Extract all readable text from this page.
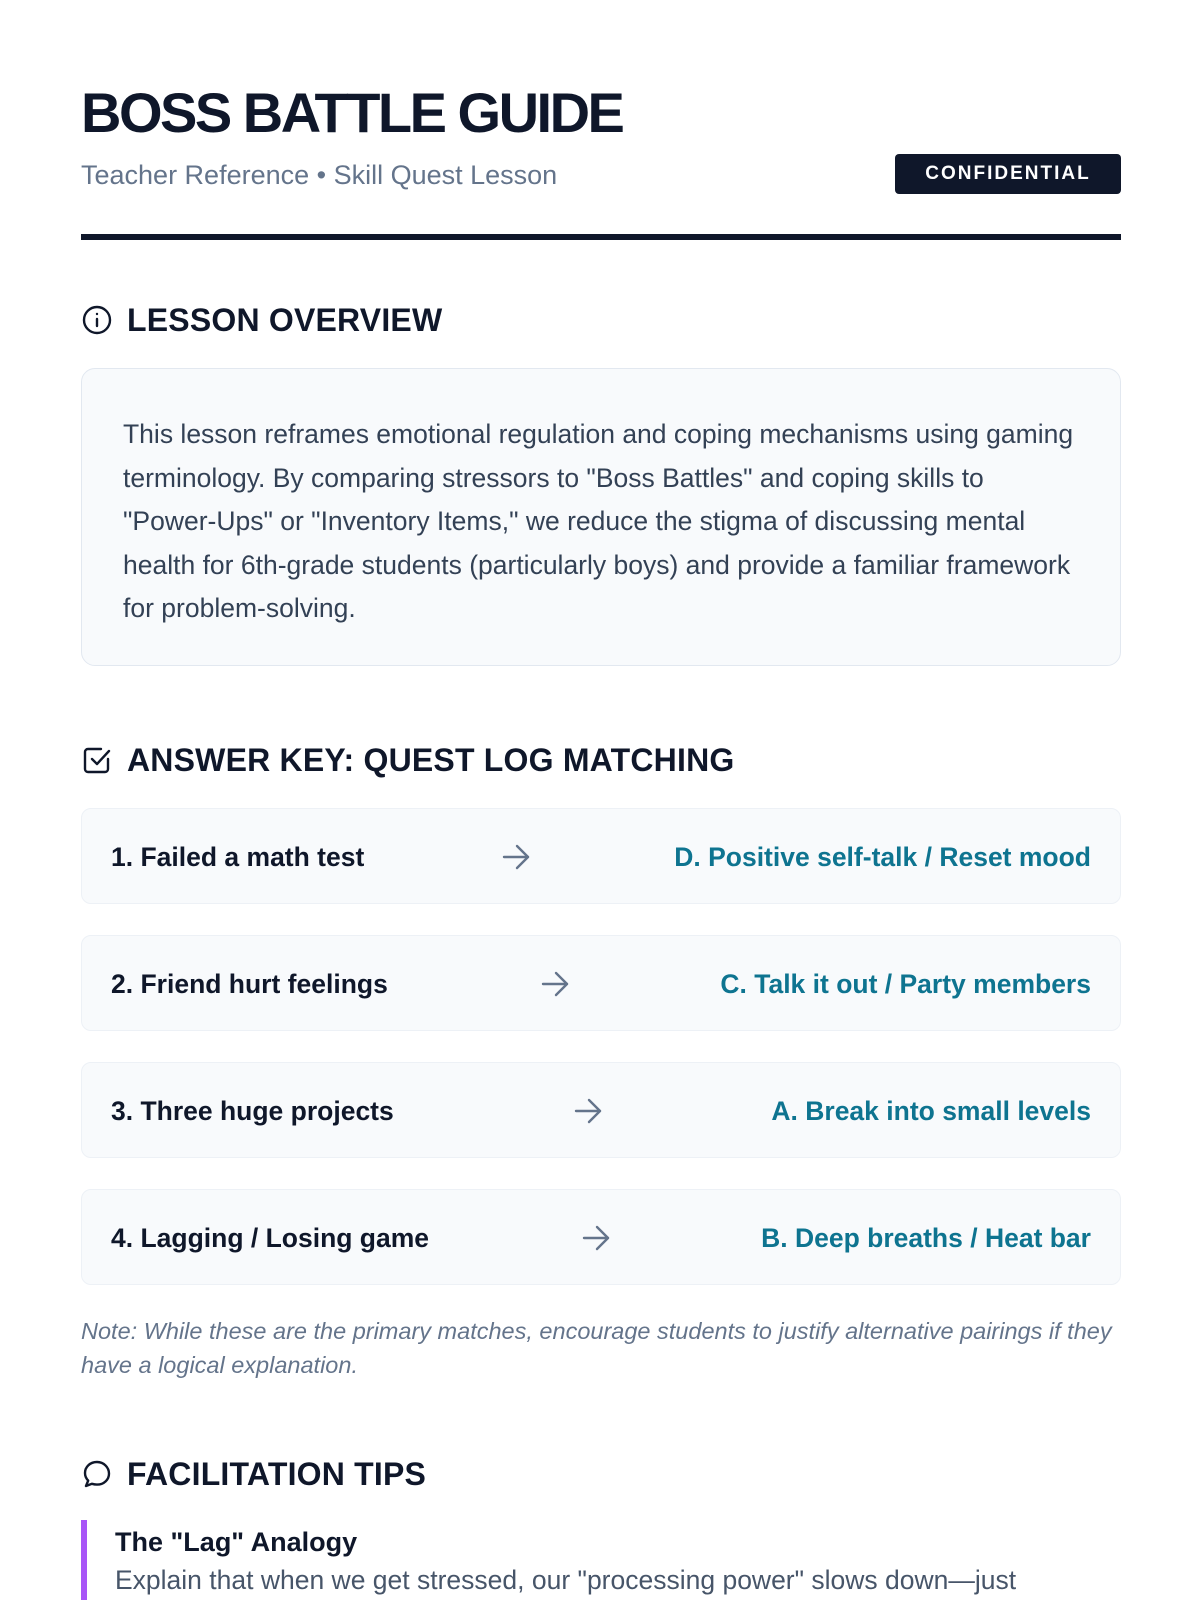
BOSS BATTLE GUIDE
Teacher Reference • Skill Quest Lesson	CONFIDENTIAL
LESSON OVERVIEW

This lesson reframes emotional regulation and coping mechanisms using gaming terminology. By comparing stressors to "Boss Battles" and coping skills to "Power-Ups" or "Inventory Items," we reduce the stigma of discussing mental health for 6th-grade students (particularly boys) and provide a familiar framework for problem-solving.

ANSWER KEY: QUEST LOG MATCHING
1. Failed a math test	D. Positive self-talk / Reset mood
2. Friend hurt feelings	C. Talk it out / Party members
3. Three huge projects	A. Break into small levels
4. Lagging / Losing game	B. Deep breaths / Heat bar

Note: While these are the primary matches, encourage students to justify alternative pairings if they have a logical explanation.

FACILITATION TIPS

The "Lag" Analogy

Explain that when we get stressed, our "processing power" slows down—just
